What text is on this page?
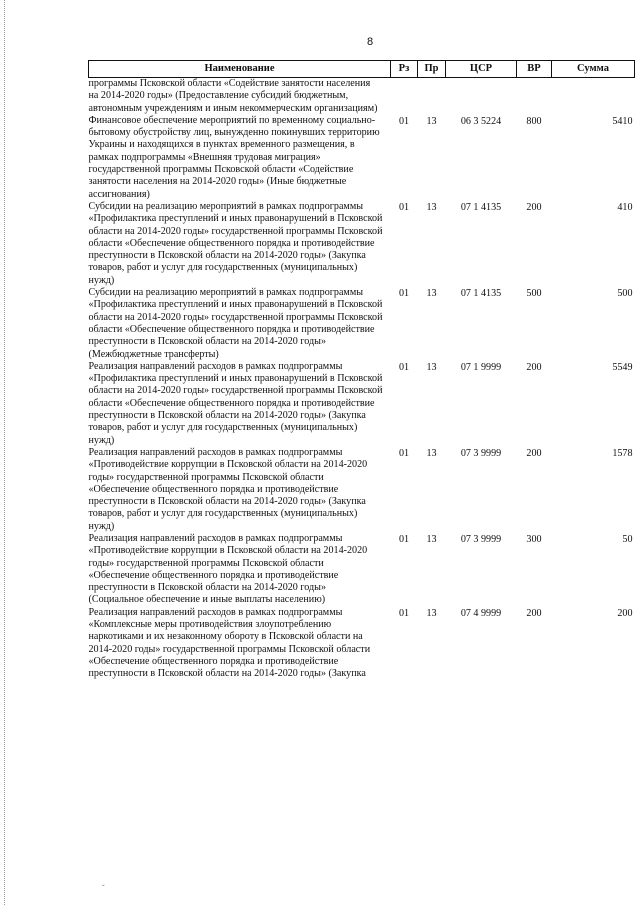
8
Наименование	Рз	Пр	ЦСР	ВР	Сумма
программы Псковской области «Содействие занятости населения на 2014-2020 годы» (Предоставление субсидий бюджетным, автономным учреждениям и иным некоммерческим организациям)					
Финансовое обеспечение мероприятий по временному социально-бытовому обустройству лиц, вынужденно покинувших территорию Украины и находящихся в пунктах временного размещения, в рамках подпрограммы «Внешняя трудовая миграция» государственной программы Псковской области «Содействие занятости населения на 2014-2020 годы» (Иные бюджетные ассигнования)	01	13	06 3 5224	800	5410
Субсидии на реализацию мероприятий в рамках подпрограммы «Профилактика преступлений и иных правонарушений в Псковской области на 2014-2020 годы» государственной программы Псковской области «Обеспечение общественного порядка и противодействие преступности в Псковской области на 2014-2020 годы» (Закупка товаров, работ и услуг для государственных (муниципальных) нужд)	01	13	07 1 4135	200	410
Субсидии на реализацию мероприятий в рамках подпрограммы «Профилактика преступлений и иных правонарушений в Псковской области на 2014-2020 годы» государственной программы Псковской области «Обеспечение общественного порядка и противодействие преступности в Псковской области на 2014-2020 годы» (Межбюджетные трансферты)	01	13	07 1 4135	500	500
Реализация направлений расходов в рамках подпрограммы «Профилактика преступлений и иных правонарушений в Псковской области на 2014-2020 годы» государственной программы Псковской области «Обеспечение общественного порядка и противодействие преступности в Псковской области на 2014-2020 годы» (Закупка товаров, работ и услуг для государственных (муниципальных) нужд)	01	13	07 1 9999	200	5549
Реализация направлений расходов в рамках подпрограммы «Противодействие коррупции в Псковской области на 2014-2020 годы» государственной программы Псковской области «Обеспечение общественного порядка и противодействие преступности в Псковской области на 2014-2020 годы» (Закупка товаров, работ и услуг для государственных (муниципальных) нужд)	01	13	07 3 9999	200	1578
Реализация направлений расходов в рамках подпрограммы «Противодействие коррупции в Псковской области на 2014-2020 годы» государственной программы Псковской области «Обеспечение общественного порядка и противодействие преступности в Псковской области на 2014-2020 годы» (Социальное обеспечение и иные выплаты населению)	01	13	07 3 9999	300	50
Реализация направлений расходов в рамках подпрограммы «Комплексные меры противодействия злоупотреблению наркотиками и их незаконному обороту в Псковской области на 2014-2020 годы» государственной программы Псковской области «Обеспечение общественного порядка и противодействие преступности в Псковской области на 2014-2020 годы» (Закупка	01	13	07 4 9999	200	200
ˇ
